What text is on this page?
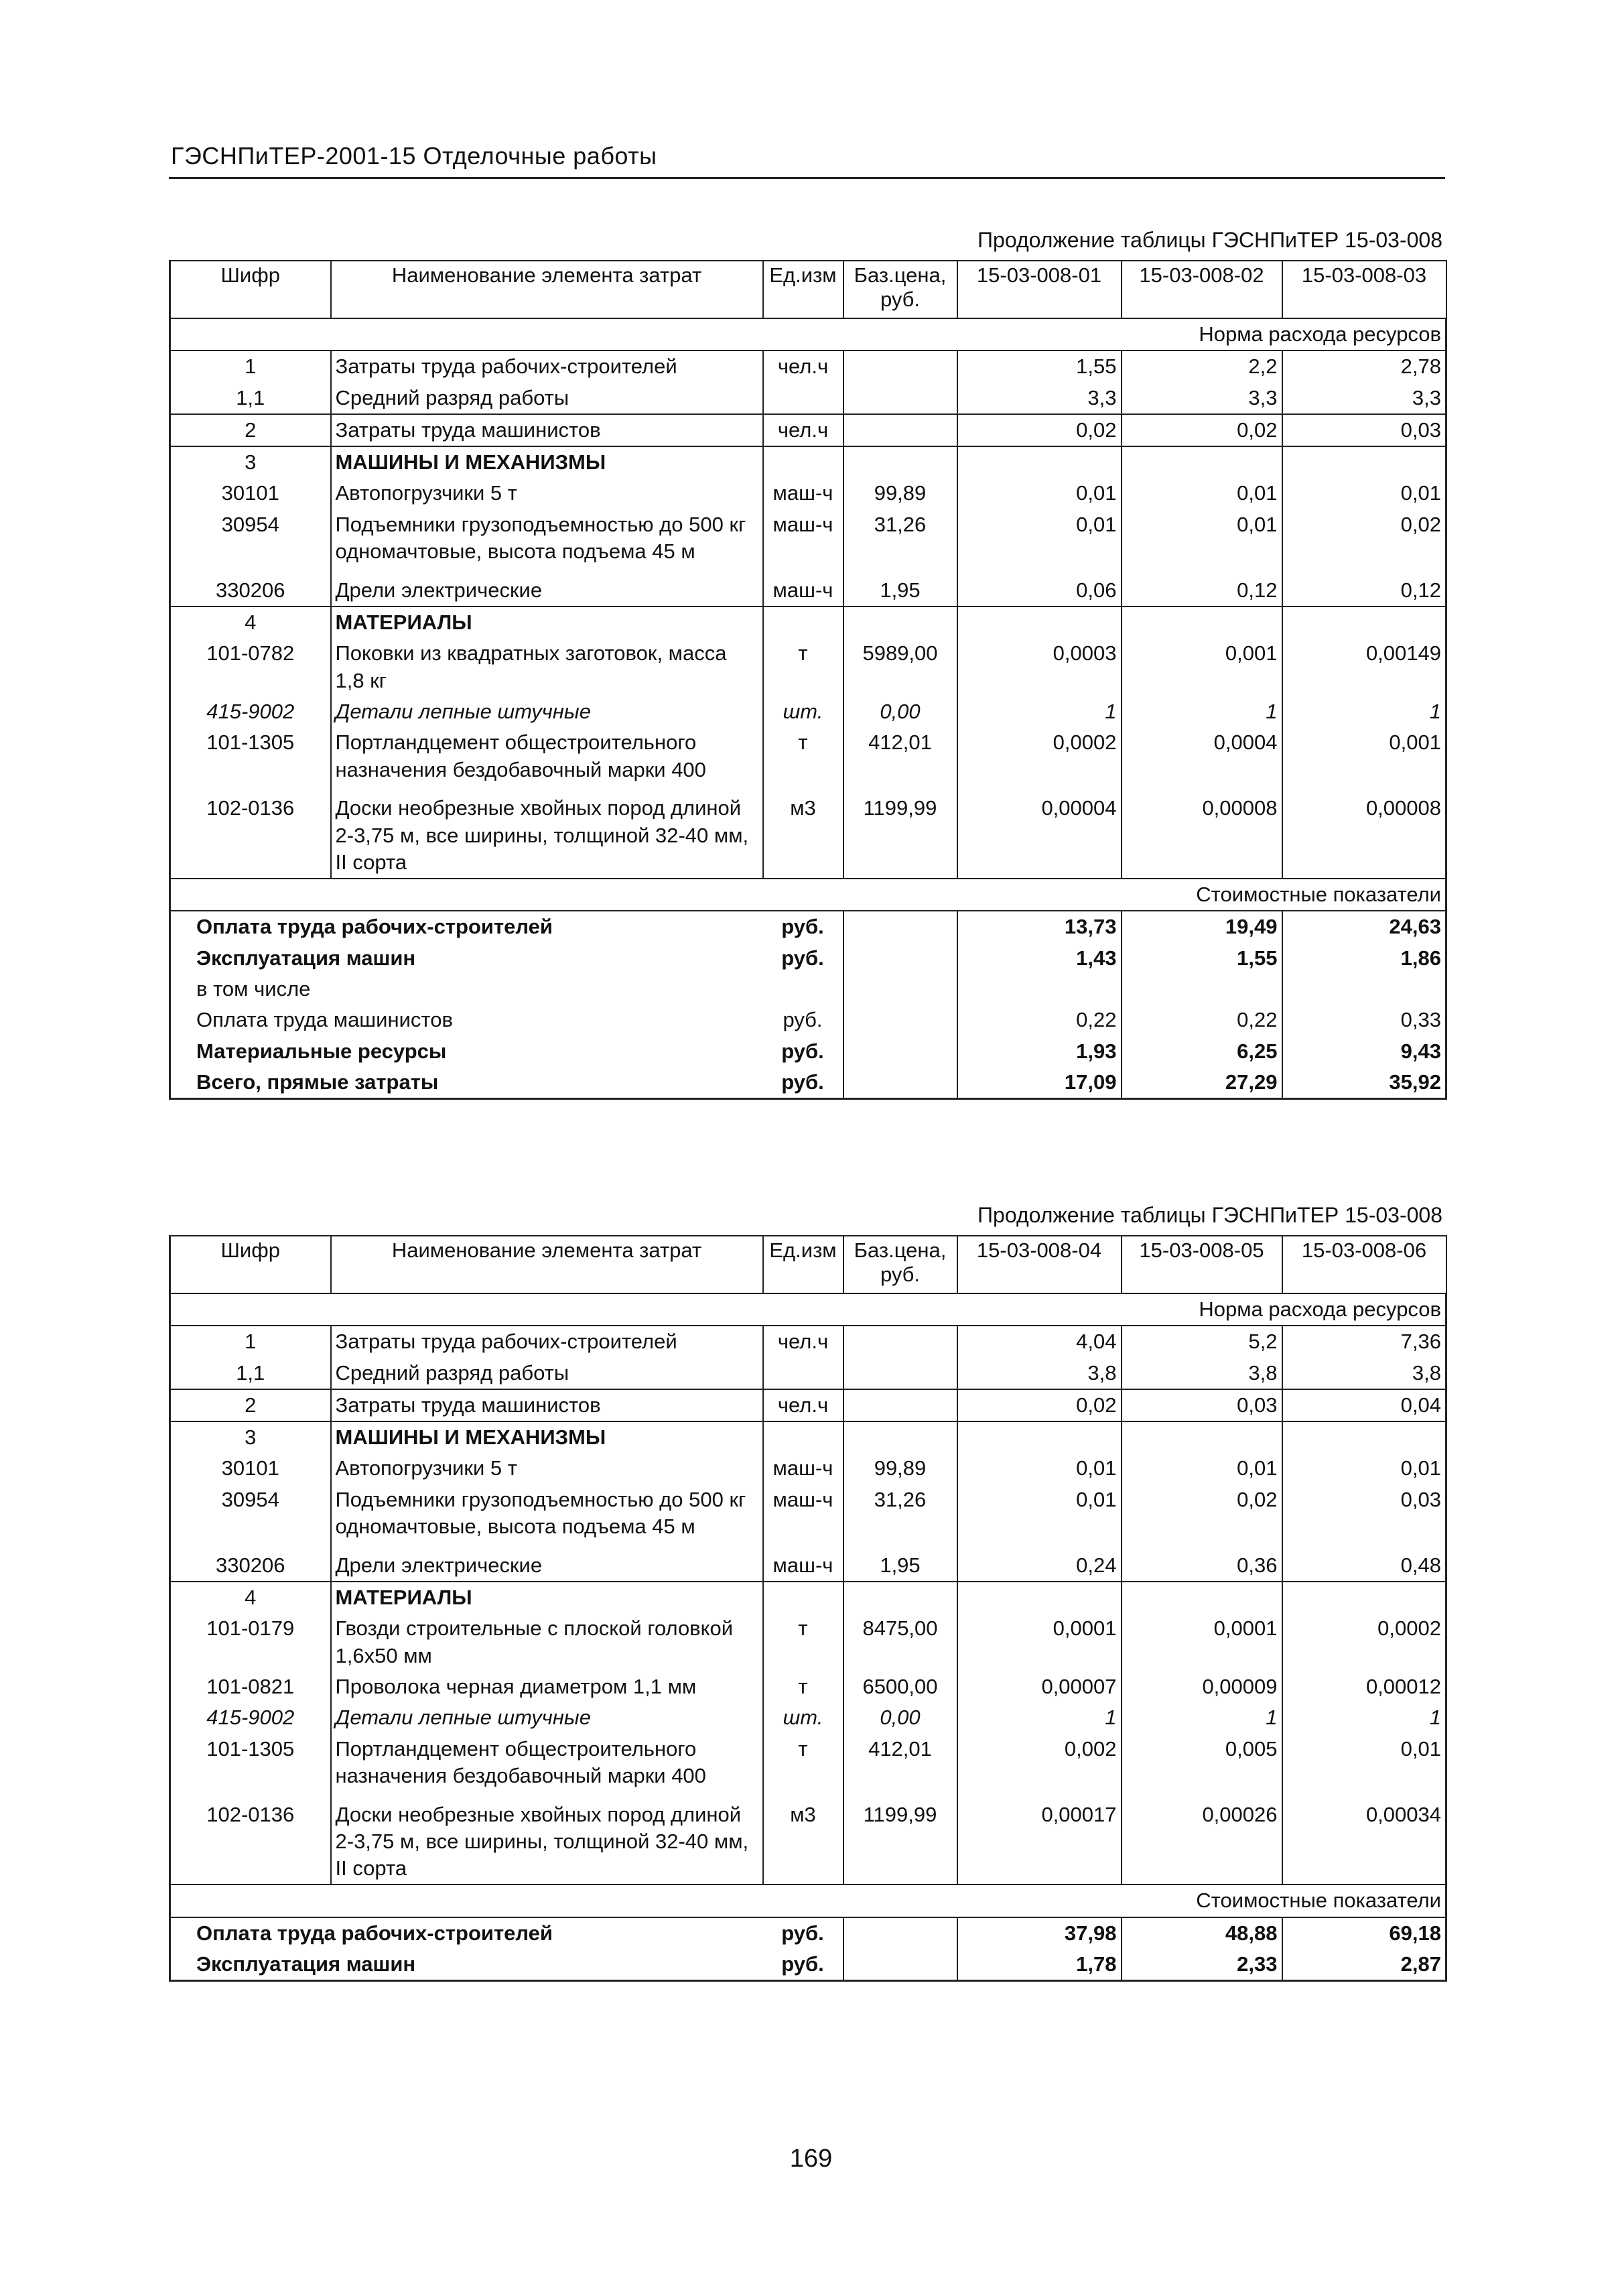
ГЭСНПиТЕР-2001-15 Отделочные работы
Продолжение таблицы ГЭСНПиТЕР 15-03-008
Шифр	Наименование элемента затрат	Ед.изм	Баз.цена, руб.	15-03-008-01	15-03-008-02	15-03-008-03
Норма расхода ресурсов						
1	Затраты труда рабочих-строителей	чел.ч		1,55	2,2	2,78
1,1	Средний разряд работы			3,3	3,3	3,3
2	Затраты труда машинистов	чел.ч		0,02	0,02	0,03
3	МАШИНЫ И МЕХАНИЗМЫ					
30101	Автопогрузчики 5 т	маш-ч	99,89	0,01	0,01	0,01
30954	Подъемники грузоподъемностью до 500 кг одномачтовые, высота подъема 45 м	маш-ч	31,26	0,01	0,01	0,02
330206	Дрели электрические	маш-ч	1,95	0,06	0,12	0,12
4	МАТЕРИАЛЫ					
101-0782	Поковки из квадратных заготовок, масса 1,8 кг	т	5989,00	0,0003	0,001	0,00149
415-9002	Детали лепные штучные	шт.	0,00	1	1	1
101-1305	Портландцемент общестроительного назначения бездобавочный марки 400	т	412,01	0,0002	0,0004	0,001
102-0136	Доски необрезные хвойных пород длиной 2-3,75 м, все ширины, толщиной 32-40 мм, II сорта	м3	1199,99	0,00004	0,00008	0,00008
Стоимостные показатели						
Оплата труда рабочих-строителей		руб.		13,73	19,49	24,63
Эксплуатация машин		руб.		1,43	1,55	1,86
в том числе						
Оплата труда машинистов		руб.		0,22	0,22	0,33
Материальные ресурсы		руб.		1,93	6,25	9,43
Всего, прямые затраты		руб.		17,09	27,29	35,92
Продолжение таблицы ГЭСНПиТЕР 15-03-008
Шифр	Наименование элемента затрат	Ед.изм	Баз.цена, руб.	15-03-008-04	15-03-008-05	15-03-008-06
Норма расхода ресурсов						
1	Затраты труда рабочих-строителей	чел.ч		4,04	5,2	7,36
1,1	Средний разряд работы			3,8	3,8	3,8
2	Затраты труда машинистов	чел.ч		0,02	0,03	0,04
3	МАШИНЫ И МЕХАНИЗМЫ					
30101	Автопогрузчики 5 т	маш-ч	99,89	0,01	0,01	0,01
30954	Подъемники грузоподъемностью до 500 кг одномачтовые, высота подъема 45 м	маш-ч	31,26	0,01	0,02	0,03
330206	Дрели электрические	маш-ч	1,95	0,24	0,36	0,48
4	МАТЕРИАЛЫ					
101-0179	Гвозди строительные с плоской головкой 1,6х50 мм	т	8475,00	0,0001	0,0001	0,0002
101-0821	Проволока черная диаметром 1,1 мм	т	6500,00	0,00007	0,00009	0,00012
415-9002	Детали лепные штучные	шт.	0,00	1	1	1
101-1305	Портландцемент общестроительного назначения бездобавочный марки 400	т	412,01	0,002	0,005	0,01
102-0136	Доски необрезные хвойных пород длиной 2-3,75 м, все ширины, толщиной 32-40 мм, II сорта	м3	1199,99	0,00017	0,00026	0,00034
Стоимостные показатели						
Оплата труда рабочих-строителей		руб.		37,98	48,88	69,18
Эксплуатация машин		руб.		1,78	2,33	2,87
169
